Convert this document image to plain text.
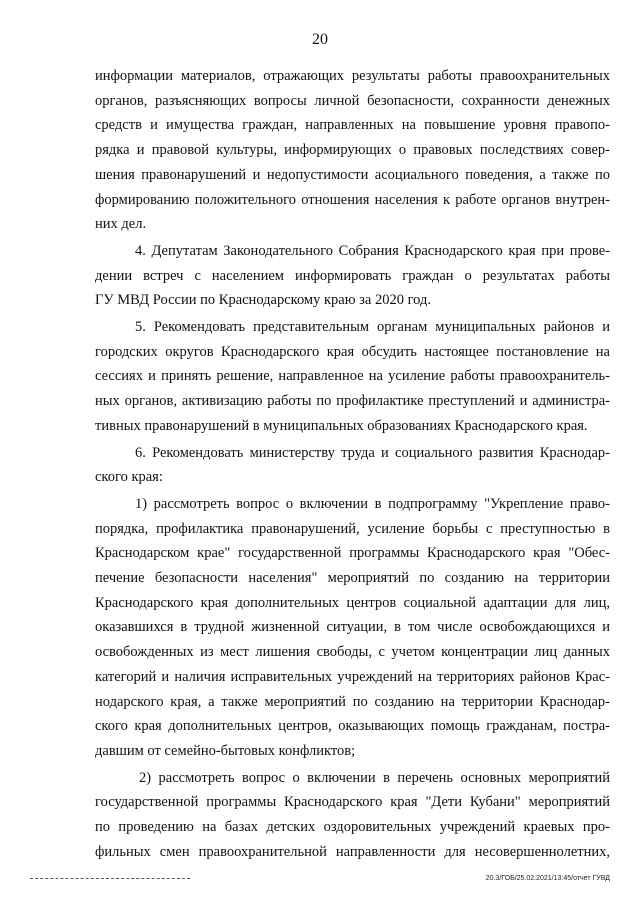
20

информации материалов, отражающих результаты работы правоохранительных
органов, разъясняющих вопросы личной безопасности, сохранности денежных
средств и имущества граждан, направленных на повышение уровня правопо-
рядка и правовой культуры, информирующих о правовых последствиях совер-
шения правонарушений и недопустимости асоциального поведения, а также по
формированию положительного отношения населения к работе органов внутрен-
них дел.

4. Депутатам Законодательного Собрания Краснодарского края при прове-
дении встреч с населением информировать граждан о результатах работы
ГУ МВД России по Краснодарскому краю за 2020 год.

5. Рекомендовать представительным органам муниципальных районов и
городских округов Краснодарского края обсудить настоящее постановление на
сессиях и принять решение, направленное на усиление работы правоохранитель-
ных органов, активизацию работы по профилактике преступлений и администра-
тивных правонарушений в муниципальных образованиях Краснодарского края.

6. Рекомендовать министерству труда и социального развития Краснодар-
ского края:

1) рассмотреть вопрос о включении в подпрограмму "Укрепление право-
порядка, профилактика правонарушений, усиление борьбы с преступностью в
Краснодарском крае" государственной программы Краснодарского края "Обес-
печение безопасности населения" мероприятий по созданию на территории
Краснодарского края дополнительных центров социальной адаптации для лиц,
оказавшихся в трудной жизненной ситуации, в том числе освобождающихся и
освобожденных из мест лишения свободы, с учетом концентрации лиц данных
категорий и наличия исправительных учреждений на территориях районов Крас-
нодарского края, а также мероприятий по созданию на территории Краснодар-
ского края дополнительных центров, оказывающих помощь гражданам, постра-
давшим от семейно-бытовых конфликтов;

2) рассмотреть вопрос о включении в перечень основных мероприятий
государственной программы Краснодарского края "Дети Кубани" мероприятий
по проведению на базах детских оздоровительных учреждений краевых про-
фильных смен правоохранительной направленности для несовершеннолетних,

20.3/ГОБ/25.02.2021/13:45/отчет ГУВД
